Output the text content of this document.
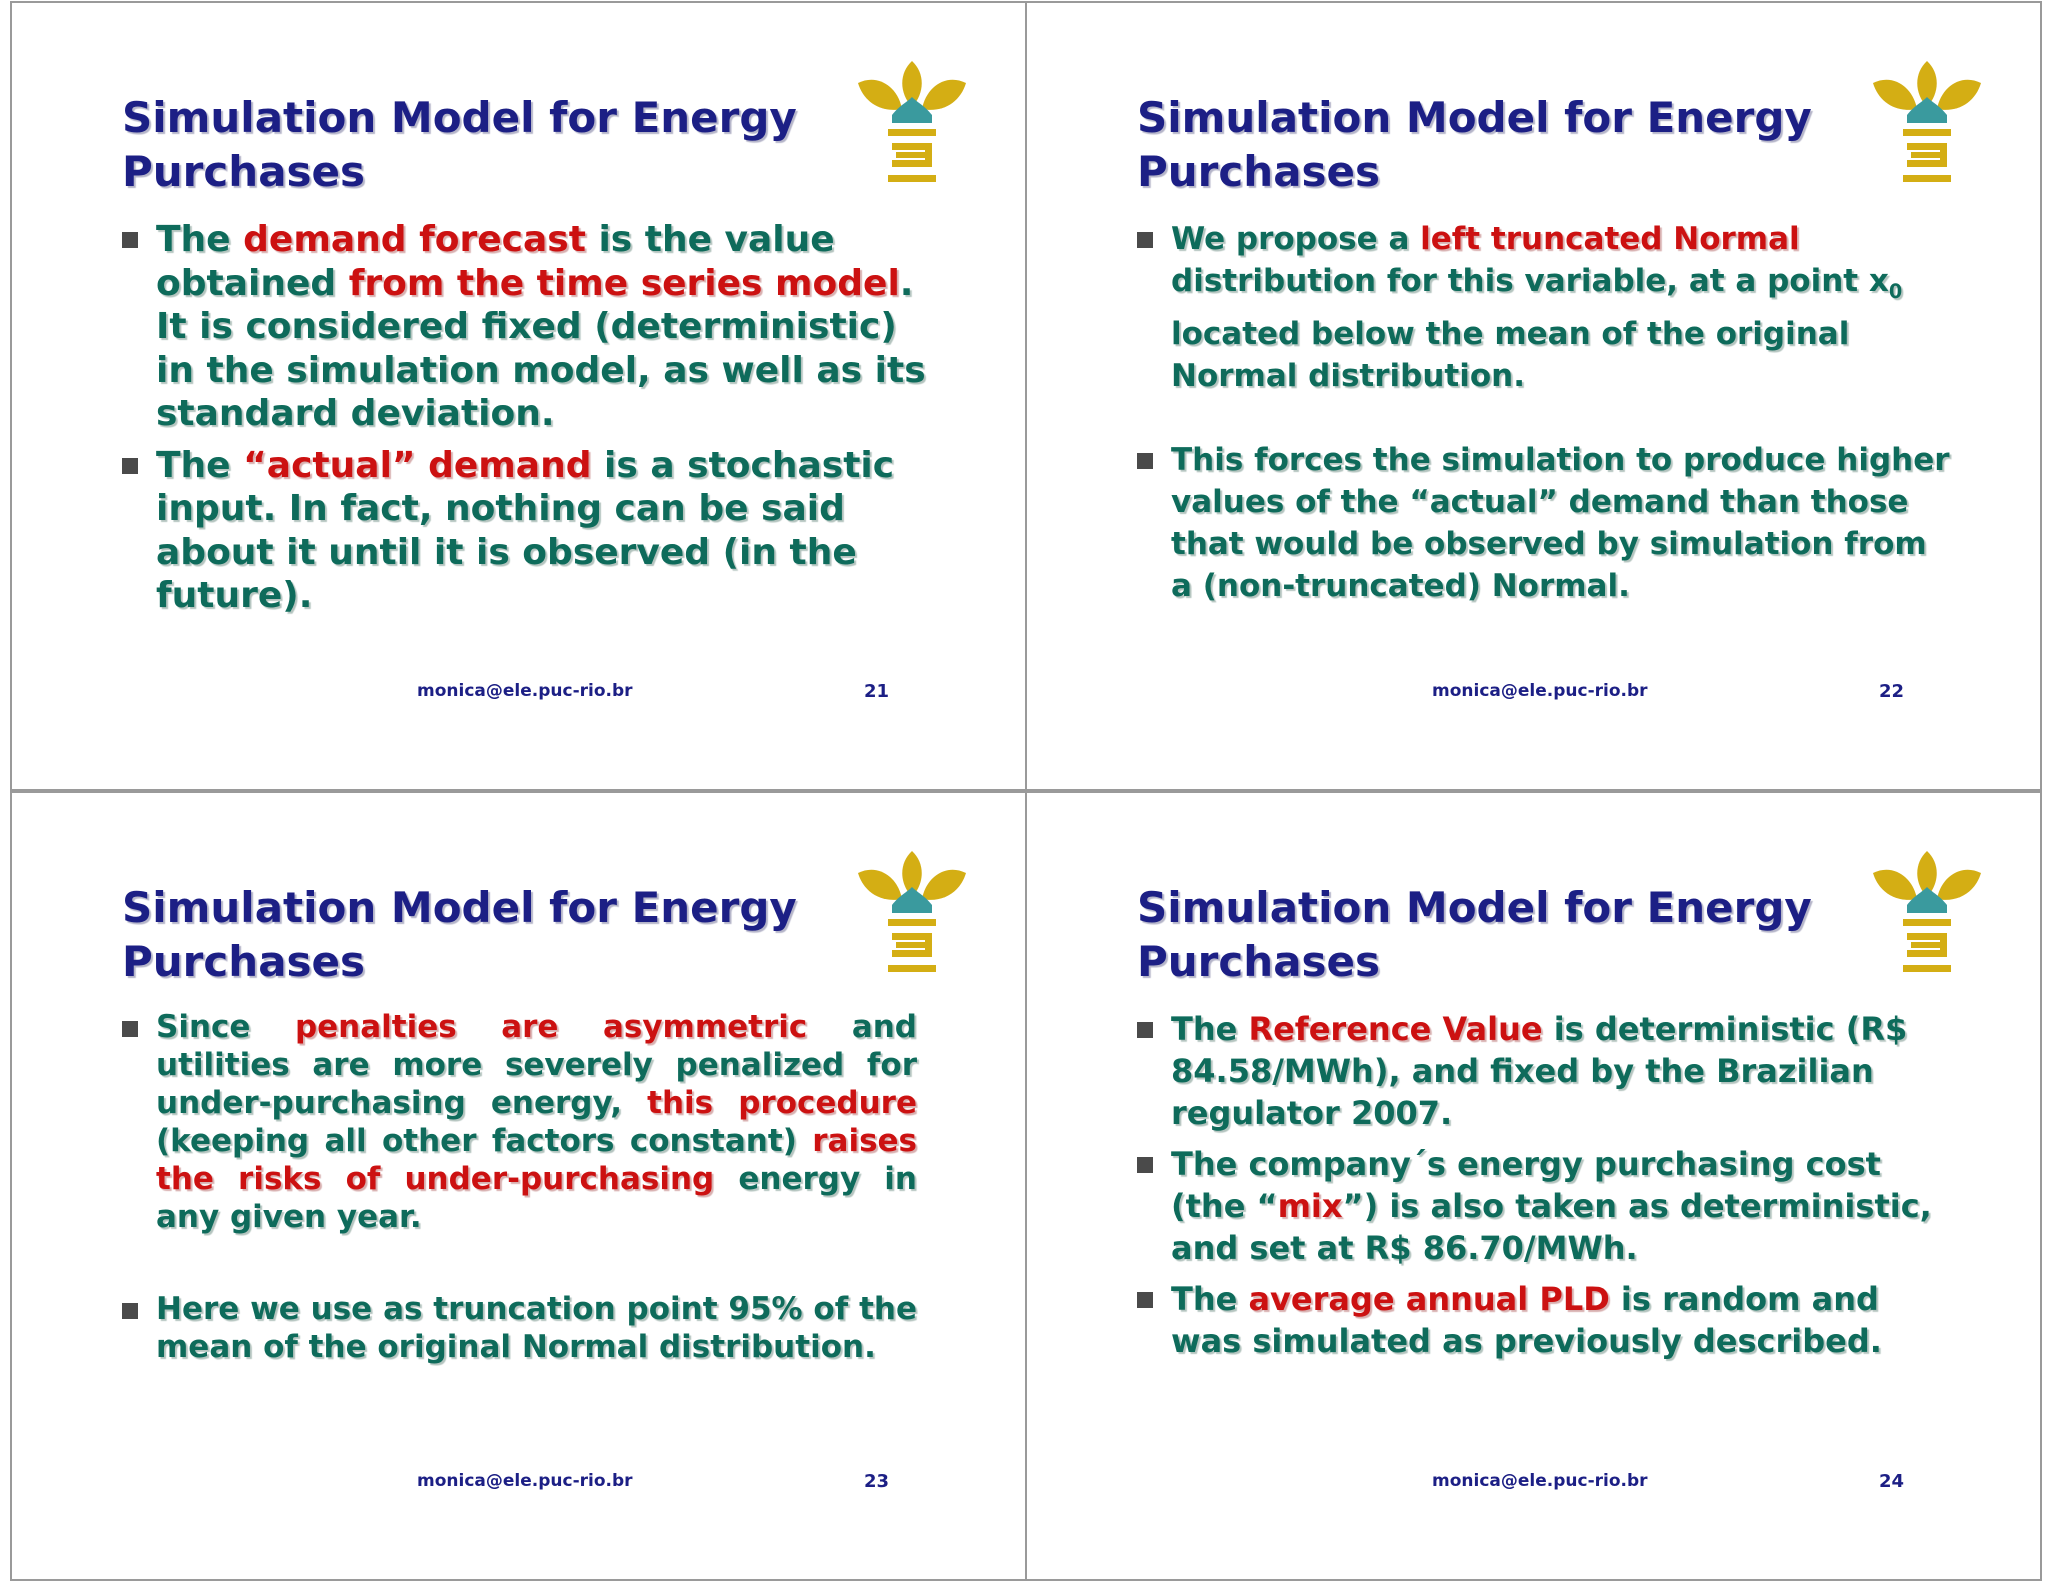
Simulation Model for Energy
Purchases
The demand forecast is the value obtained from the time series model. It is considered fixed (deterministic) in the simulation model, as well as its standard deviation.
The “actual” demand is a stochastic input. In fact, nothing can be said about it until it is observed (in the future).

monica@ele.puc-rio.br	21

Simulation Model for Energy
Purchases
We propose a left truncated Normal distribution for this variable, at a point $x_0$ located below the mean of the original Normal distribution.
This forces the simulation to produce higher values of the “actual” demand than those that would be observed by simulation from a (non-truncated) Normal.

monica@ele.puc-rio.br	22

Simulation Model for Energy
Purchases
Since penalties are asymmetric and utilities are more severely penalized for under-purchasing energy, this procedure (keeping all other factors constant) raises the risks of under-purchasing energy in any given year.
Here we use as truncation point 95% of the mean of the original Normal distribution.

monica@ele.puc-rio.br	23

Simulation Model for Energy
Purchases
The Reference Value is deterministic (R$ 84.58/MWh), and fixed by the Brazilian regulator 2007.
The company´s energy purchasing cost (the “mix”) is also taken as deterministic, and set at R$ 86.70/MWh.
The average annual PLD is random and was simulated as previously described.

monica@ele.puc-rio.br	24
